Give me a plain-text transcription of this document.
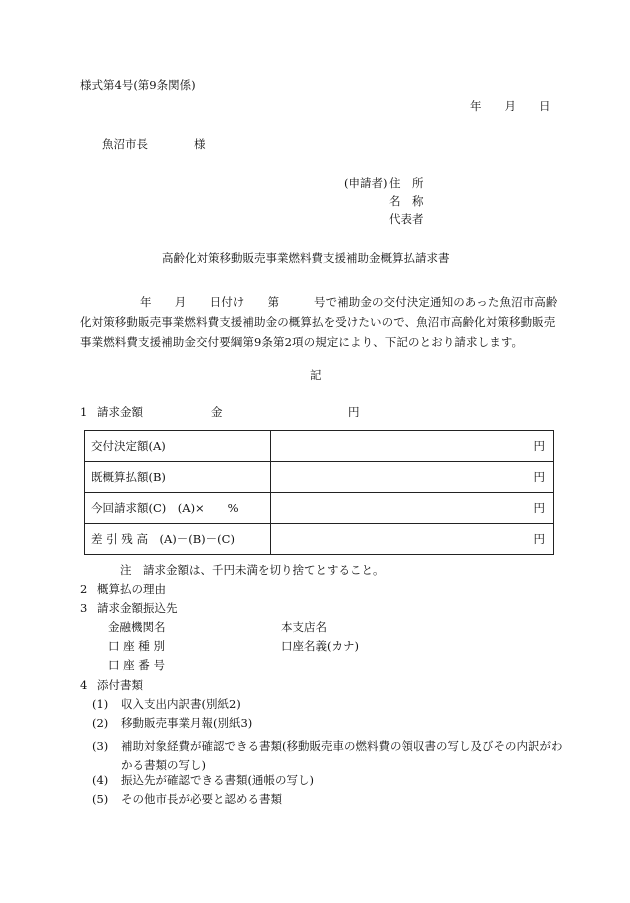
様式第4号(第9条関係)
年　　月　　日
魚沼市長　　　　様
(申請者) 住　所
名　称
代表者
高齢化対策移動販売事業燃料費支援補助金概算払請求書
年　　月　　日付け　　第　　　号で補助金の交付決定通知のあった魚沼市高齢化対策移動販売事業燃料費支援補助金の概算払を受けたいので、魚沼市高齢化対策移動販売事業燃料費支援補助金交付要綱第9条第2項の規定により、下記のとおり請求します。
記
1 請求金額	金	円
交付決定額(A)	円
既概算払額(B)	円
今回請求額(C)　(A)×　　%	円
差 引 残 高　(A)－(B)－(C)	円
注　請求金額は、千円未満を切り捨てとすること。
2 概算払の理由
3 請求金額振込先
金融機関名	本支店名
口 座 種 別	口座名義(カナ)
口 座 番 号
4 添付書類
(1) 収入支出内訳書(別紙2)
(2) 移動販売事業月報(別紙3)
(3) 補助対象経費が確認できる書類(移動販売車の燃料費の領収書の写し及びその内訳がわかる書類の写し)
(4) 振込先が確認できる書類(通帳の写し)
(5) その他市長が必要と認める書類
